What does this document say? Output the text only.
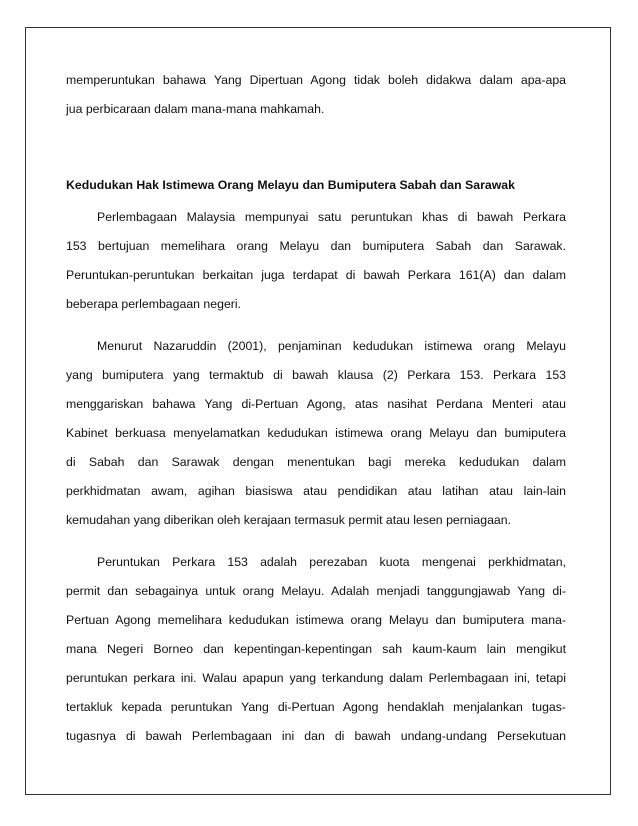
memperuntukan bahawa Yang Dipertuan Agong tidak boleh didakwa dalam apa-apa
jua perbicaraan dalam mana-mana mahkamah.
Kedudukan Hak Istimewa Orang Melayu dan Bumiputera Sabah dan Sarawak
Perlembagaan Malaysia mempunyai satu peruntukan khas di bawah Perkara
153 bertujuan memelihara orang Melayu dan bumiputera Sabah dan Sarawak.
Peruntukan-peruntukan berkaitan juga terdapat di bawah Perkara 161(A) dan dalam
beberapa perlembagaan negeri.
Menurut Nazaruddin (2001), penjaminan kedudukan istimewa orang Melayu
yang bumiputera yang termaktub di bawah klausa (2) Perkara 153. Perkara 153
menggariskan bahawa Yang di-Pertuan Agong, atas nasihat Perdana Menteri atau
Kabinet berkuasa menyelamatkan kedudukan istimewa orang Melayu dan bumiputera
di Sabah dan Sarawak dengan menentukan bagi mereka kedudukan dalam
perkhidmatan awam, agihan biasiswa atau pendidikan atau latihan atau lain-lain
kemudahan yang diberikan oleh kerajaan termasuk permit atau lesen perniagaan.
Peruntukan Perkara 153 adalah perezaban kuota mengenai perkhidmatan,
permit dan sebagainya untuk orang Melayu. Adalah menjadi tanggungjawab Yang di-
Pertuan Agong memelihara kedudukan istimewa orang Melayu dan bumiputera mana-
mana Negeri Borneo dan kepentingan-kepentingan sah kaum-kaum lain mengikut
peruntukan perkara ini. Walau apapun yang terkandung dalam Perlembagaan ini, tetapi
tertakluk kepada peruntukan Yang di-Pertuan Agong hendaklah menjalankan tugas-
tugasnya di bawah Perlembagaan ini dan di bawah undang-undang Persekutuan
